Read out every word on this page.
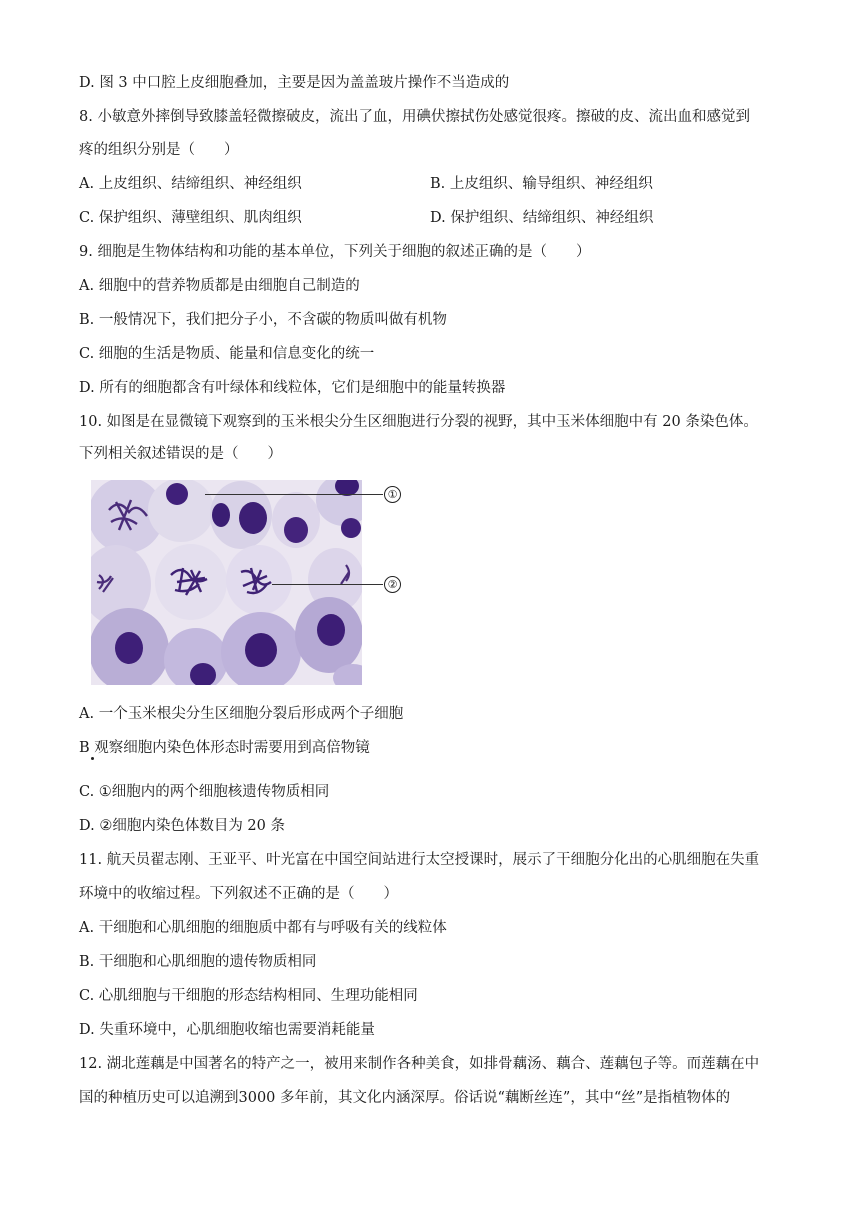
D. 图 3 中口腔上皮细胞叠加，主要是因为盖盖玻片操作不当造成的
8. 小敏意外摔倒导致膝盖轻微擦破皮，流出了血，用碘伏擦拭伤处感觉很疼。擦破的皮、流出血和感觉到
疼的组织分别是（　　）
A. 上皮组织、结缔组织、神经组织	B. 上皮组织、输导组织、神经组织
C. 保护组织、薄壁组织、肌肉组织	D. 保护组织、结缔组织、神经组织
9. 细胞是生物体结构和功能的基本单位，下列关于细胞的叙述正确的是（　　）
A. 细胞中的营养物质都是由细胞自己制造的
B. 一般情况下，我们把分子小，不含碳的物质叫做有机物
C. 细胞的生活是物质、能量和信息变化的统一
D. 所有的细胞都含有叶绿体和线粒体，它们是细胞中的能量转换器
10. 如图是在显微镜下观察到的玉米根尖分生区细胞进行分裂的视野，其中玉米体细胞中有 20 条染色体。
下列相关叙述错误的是（　　）
①
②
A. 一个玉米根尖分生区细胞分裂后形成两个子细胞
B 观察细胞内染色体形态时需要用到高倍物镜
C. ①细胞内的两个细胞核遗传物质相同
D. ②细胞内染色体数目为 20 条
11. 航天员翟志刚、王亚平、叶光富在中国空间站进行太空授课时，展示了干细胞分化出的心肌细胞在失重
环境中的收缩过程。下列叙述不正确的是（　　）
A. 干细胞和心肌细胞的细胞质中都有与呼吸有关的线粒体
B. 干细胞和心肌细胞的遗传物质相同
C. 心肌细胞与干细胞的形态结构相同、生理功能相同
D. 失重环境中，心肌细胞收缩也需要消耗能量
12. 湖北莲藕是中国著名的特产之一，被用来制作各种美食，如排骨藕汤、藕合、莲藕包子等。而莲藕在中
国的种植历史可以追溯到3000 多年前，其文化内涵深厚。俗话说“藕断丝连”，其中“丝”是指植物体的
